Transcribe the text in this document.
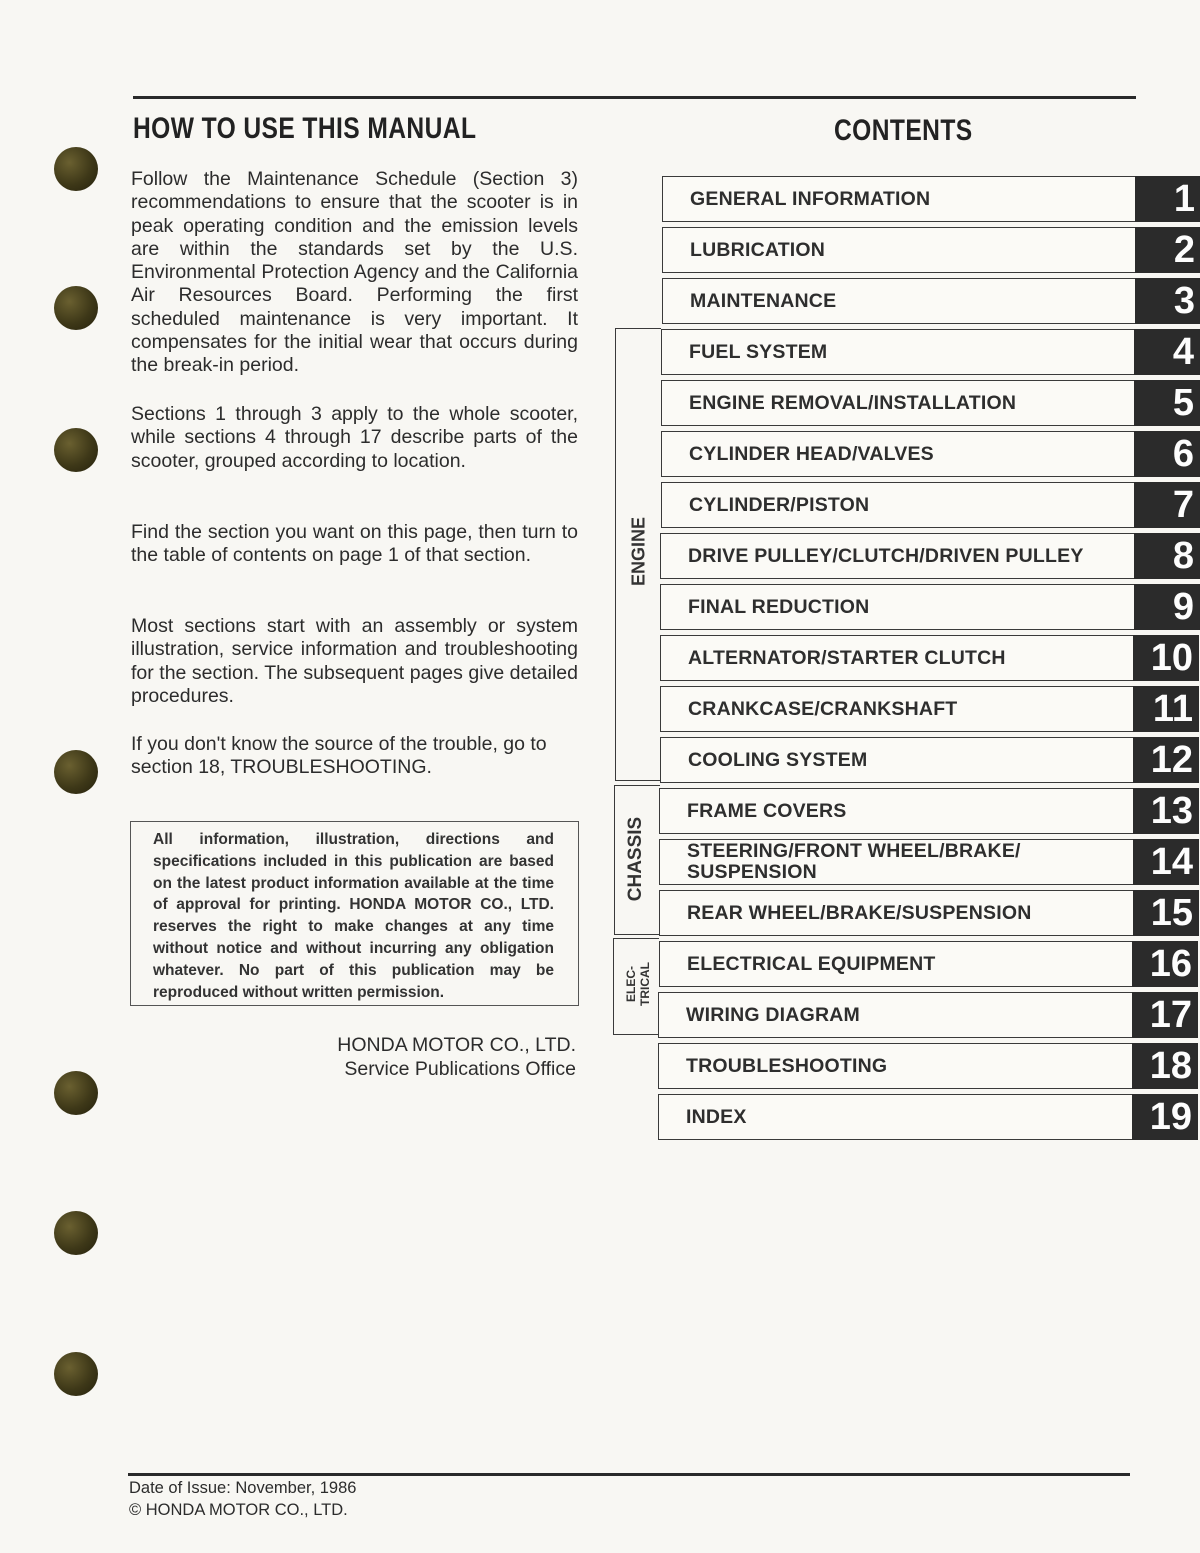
HOW TO USE THIS MANUAL	CONTENTS

Follow the Maintenance Schedule (Section 3) recommendations to ensure that the scooter is in peak operating condition and the emission levels are within the standards set by the U.S. Environmental Protection Agency and the California Air Resources Board. Performing the first scheduled maintenance is very important. It compensates for the initial wear that occurs during the break-in period.

Sections 1 through 3 apply to the whole scooter, while sections 4 through 17 describe parts of the scooter, grouped according to location.

Find the section you want on this page, then turn to the table of contents on page 1 of that section.

Most sections start with an assembly or system illustration, service information and troubleshooting for the section. The subsequent pages give detailed procedures.

If you don't know the source of the trouble, go to section 18, TROUBLESHOOTING.

All information, illustration, directions and specifications included in this publication are based on the latest product information available at the time of approval for printing. HONDA MOTOR CO., LTD. reserves the right to make changes at any time without notice and without incurring any obligation whatever. No part of this publication may be reproduced without written permission.

HONDA MOTOR CO., LTD.
Service Publications Office
ENGINE
CHASSIS
ELEC- TRICAL
GENERAL INFORMATION	1
LUBRICATION	2
MAINTENANCE	3
FUEL SYSTEM	4
ENGINE REMOVAL/INSTALLATION	5
CYLINDER HEAD/VALVES	6
CYLINDER/PISTON	7
DRIVE PULLEY/CLUTCH/DRIVEN PULLEY	8
FINAL REDUCTION	9
ALTERNATOR/STARTER CLUTCH	10
CRANKCASE/CRANKSHAFT	11
COOLING SYSTEM	12
FRAME COVERS	13
STEERING/FRONT WHEEL/BRAKE/
SUSPENSION	14
REAR WHEEL/BRAKE/SUSPENSION	15
ELECTRICAL EQUIPMENT	16
WIRING DIAGRAM	17
TROUBLESHOOTING	18
INDEX	19
Date of Issue: November, 1986
© HONDA MOTOR CO., LTD.
